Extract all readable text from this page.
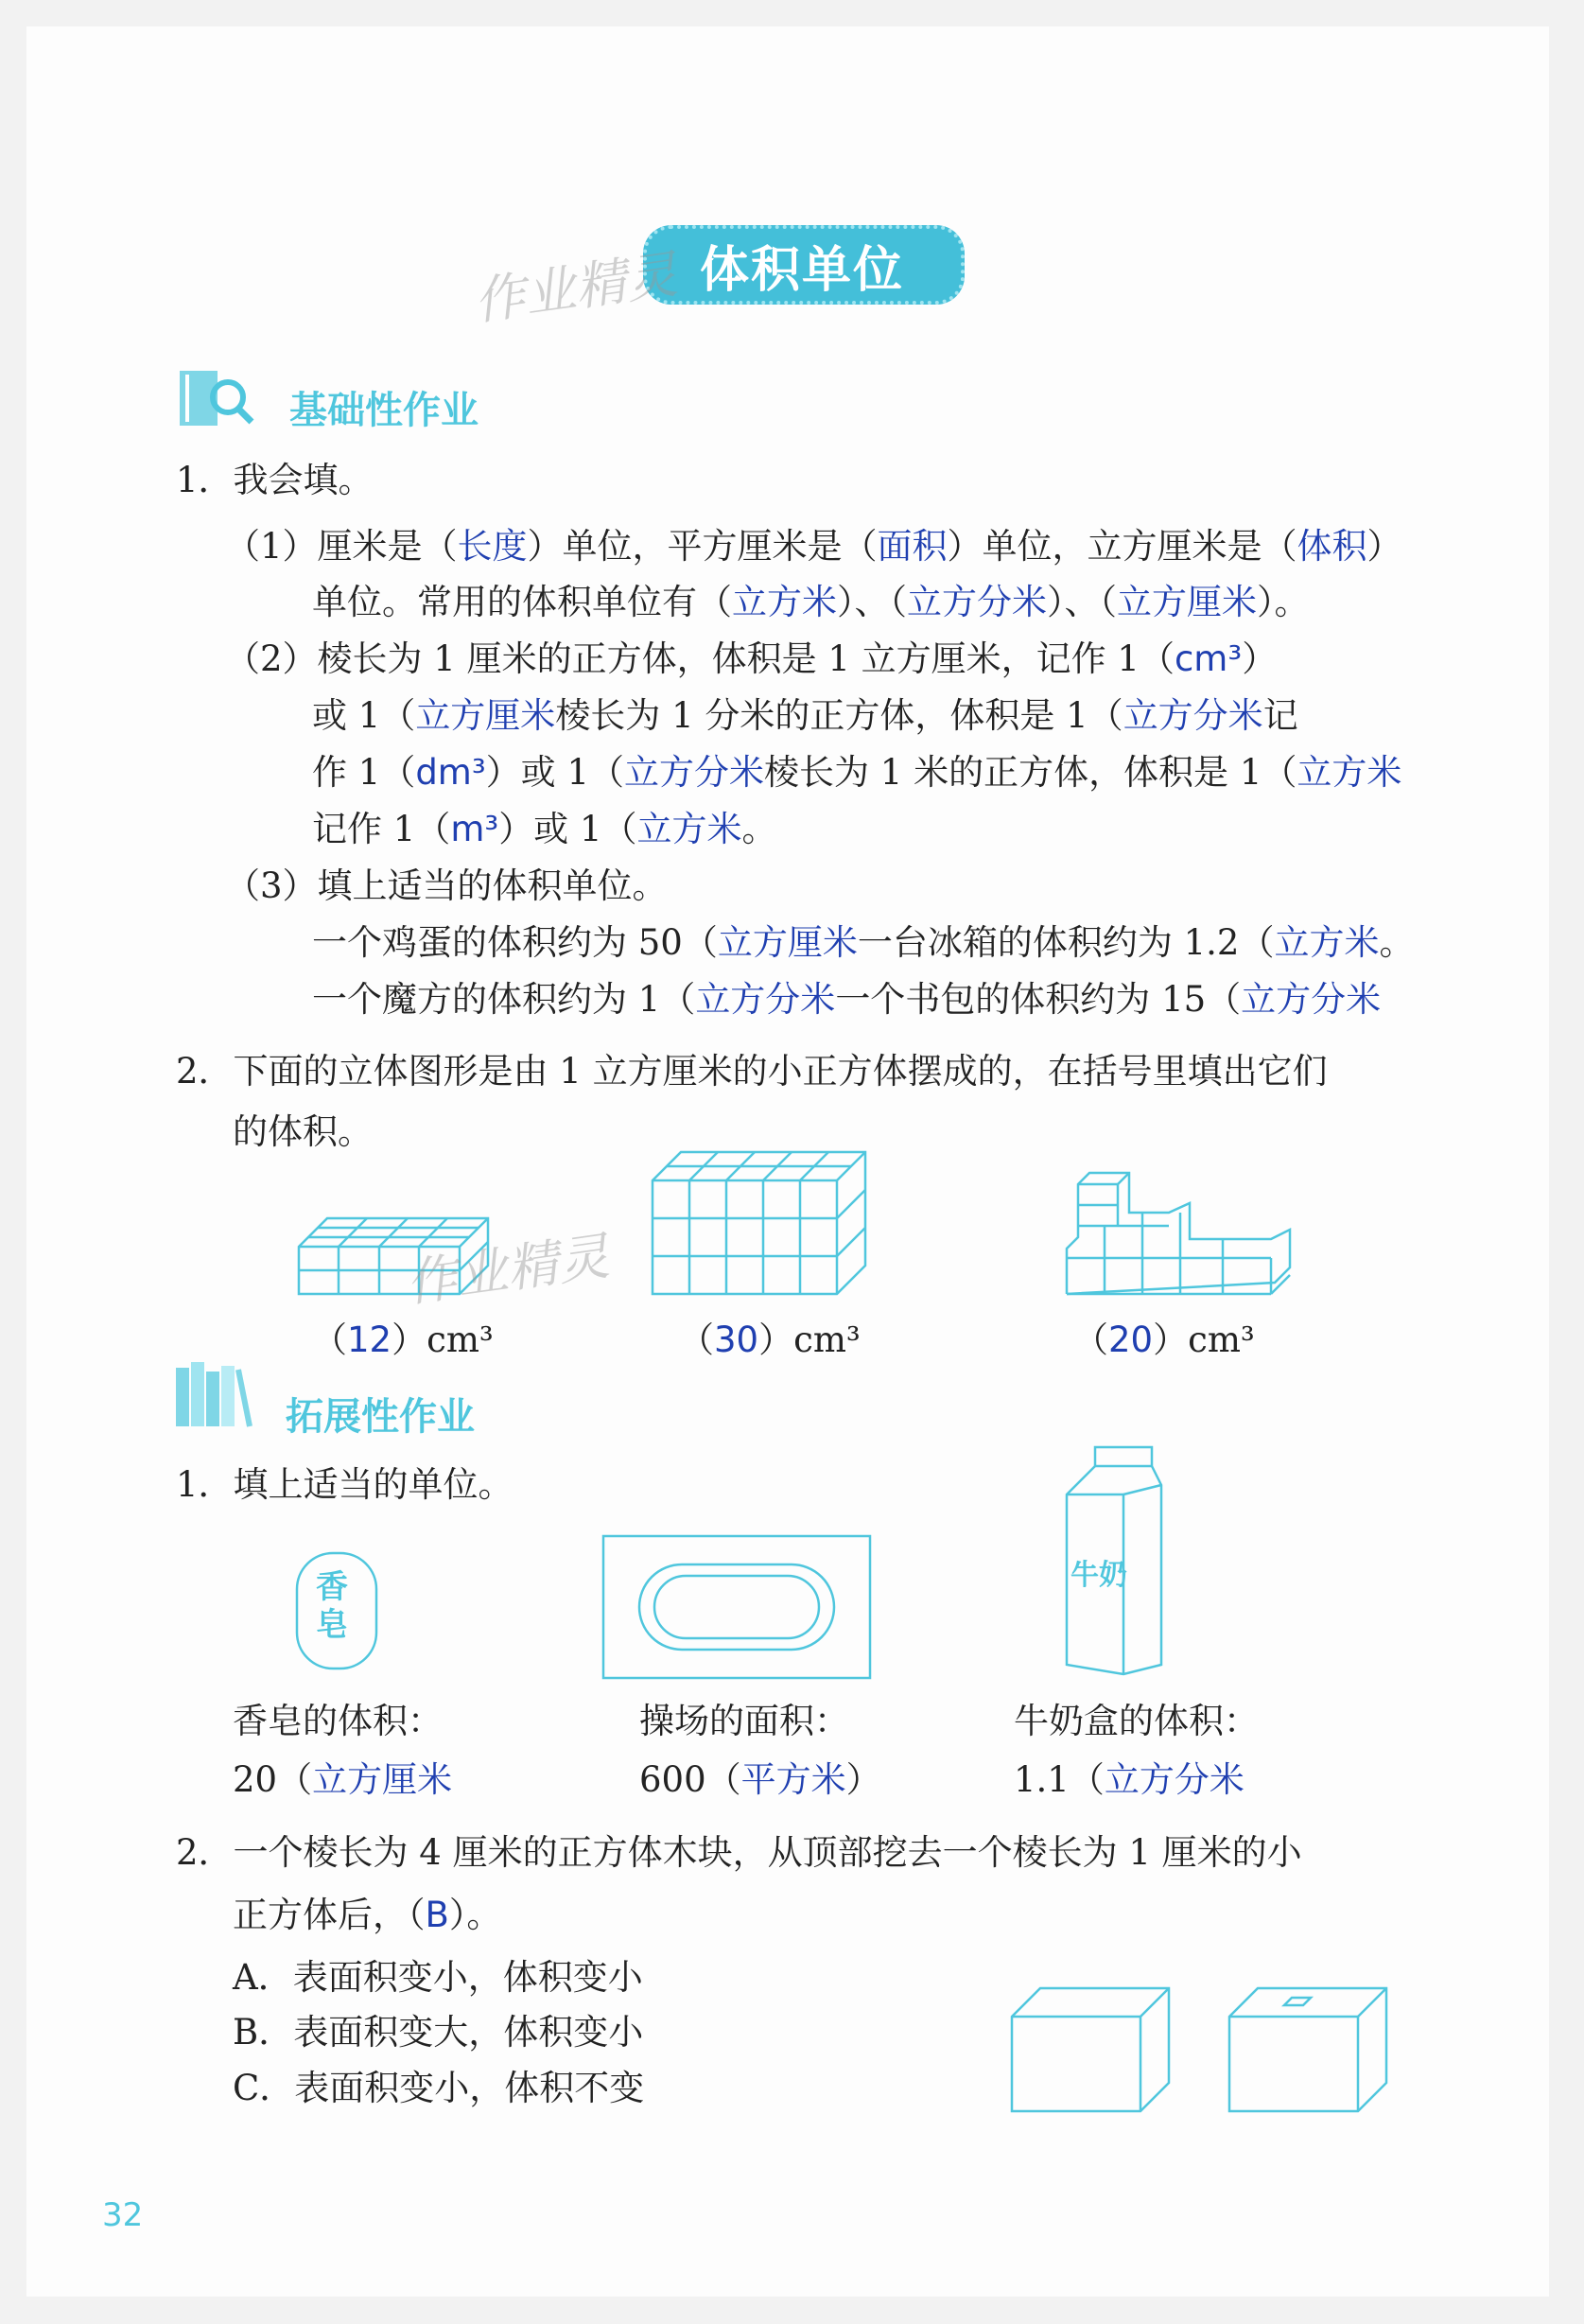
体积单位
作业精灵
基础性作业
1．我会填。
（1）厘米是（长度）单位，平方厘米是（面积）单位，立方厘米是（体积）
单位。常用的体积单位有（立方米）、（立方分米）、（立方厘米）。
（2）棱长为 1 厘米的正方体，体积是 1 立方厘米，记作 1（cm³）
或 1（立方厘米棱长为 1 分米的正方体，体积是 1（立方分米记
作 1（dm³）或 1（立方分米棱长为 1 米的正方体，体积是 1（立方米
记作 1（m³）或 1（立方米。
（3）填上适当的体积单位。
一个鸡蛋的体积约为 50（立方厘米一台冰箱的体积约为 1.2（立方米。
一个魔方的体积约为 1（立方分米一个书包的体积约为 15（立方分米
2．下面的立体图形是由 1 立方厘米的小正方体摆成的，在括号里填出它们
的体积。
作业精灵
（12）cm³	（30）cm³	（20）cm³
拓展性作业
1．填上适当的单位。
香皂
牛奶
香皂的体积：	操场的面积：	牛奶盒的体积：
20（立方厘米	600（平方米）	1.1（立方分米
2．一个棱长为 4 厘米的正方体木块，从顶部挖去一个棱长为 1 厘米的小
正方体后，（B）。
A．表面积变小，体积变小
B．表面积变大，体积变小
C．表面积变小，体积不变
32
